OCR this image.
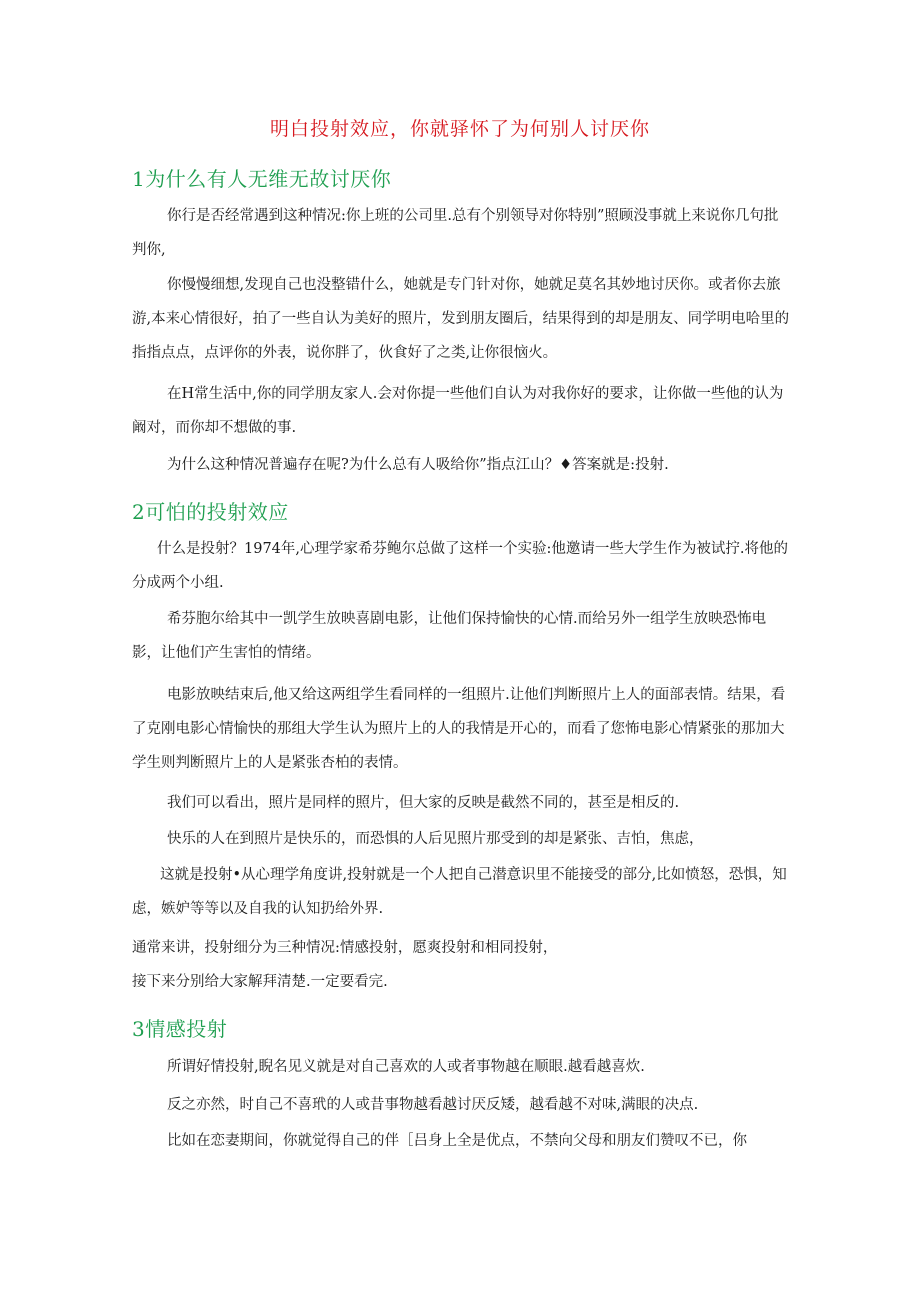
明白投射效应，你就驿怀了为何别人讨厌你
1为什么有人无维无故讨厌你
你行是否经常遇到这种情况:你上班的公司里.总有个别领导对你特别”照顾没事就上来说你几句批判你,
你慢慢细想,发现自己也没整错什么，她就是专门针对你，她就足莫名其妙地讨厌你。或者你去旅游,本来心情很好，拍了一些自认为美好的照片，发到朋友圈后，结果得到的却是朋友、同学明电哈里的指指点点，点评你的外表，说你胖了，伙食好了之类,让你很恼火。
在H常生活中,你的同学朋友家人.会对你提一些他们自认为对我你好的要求，让你做一些他的认为阚对，而你却不想做的事.
为什么这种情况普遍存在呢?为什么总有人吸给你”指点江山？♦答案就是:投射.
2可怕的投射效应
什么是投射？1974年,心理学家希芬鲍尔总做了这样一个实验:他邀请一些大学生作为被试拧.将他的分成两个小组.
希芬胞尔给其中一凯学生放映喜剧电影，让他们保持愉快的心情.而给另外一组学生放映恐怖电影，让他们产生害怕的情绪。
电影放映结束后,他又给这两组学生看同样的一组照片.让他们判断照片上人的面部表情。结果，看了克刚电影心情愉快的那组大学生认为照片上的人的我情是开心的，而看了您怖电影心情紧张的那加大学生则判断照片上的人是紧张杏柏的表情。
我们可以看出，照片是同样的照片，但大家的反映是截然不同的，甚至是相反的.
快乐的人在到照片是快乐的，而恐惧的人后见照片那受到的却是紧张、吉怕，焦虑，
这就是投射•从心理学角度讲,投射就是一个人把自己潜意识里不能接受的部分,比如愤怒，恐惧，知虑，嫉妒等等以及自我的认知扔给外界.
通常来讲，投射细分为三种情况:情感投射，愿爽投射和相同投射，
接下来分别给大家解拜清楚.一定要看完.
3情感投射
所谓好情投射,睨名见义就是对自己喜欢的人或者事物越在顺眼.越看越喜炊.
反之亦然，时自己不喜玳的人或昔事物越看越讨厌反矮，越看越不对味,满眼的决点.
比如在恋妻期间，你就觉得自己的伴［吕身上全是优点，不禁向父母和朋友们赞叹不已，你
